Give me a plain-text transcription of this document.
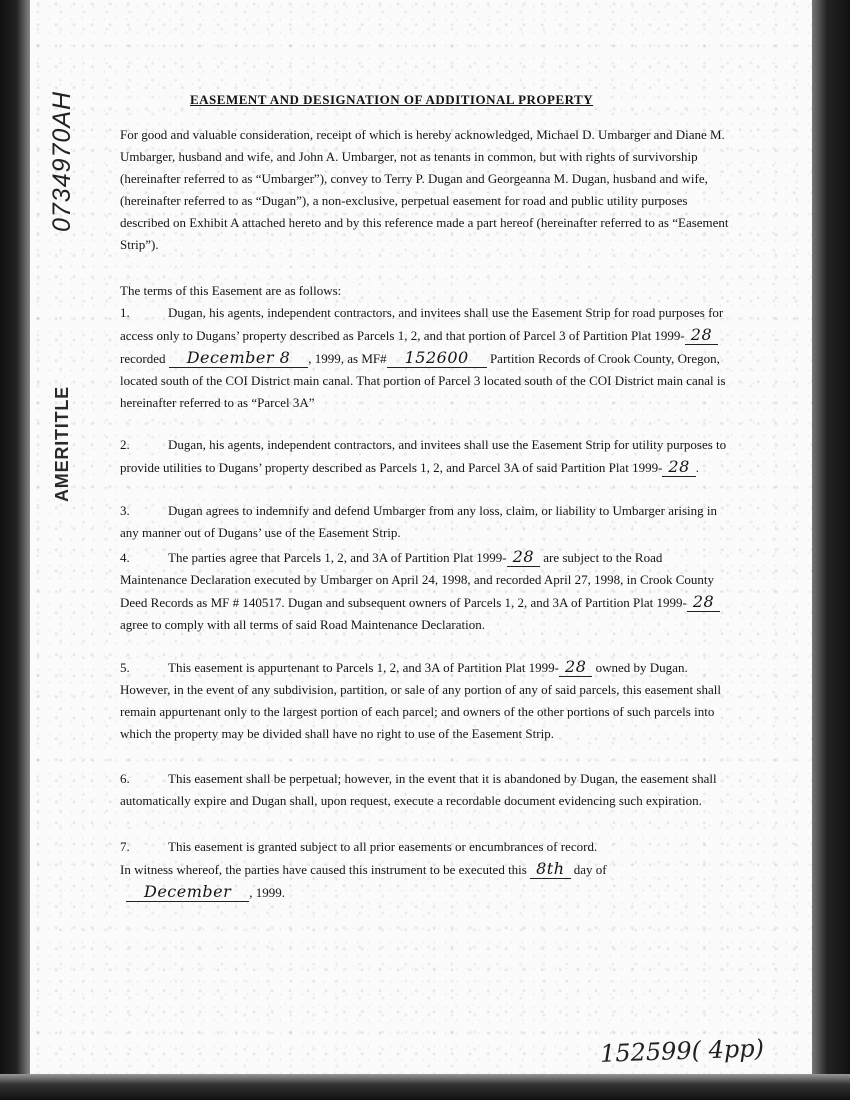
0734970AH
AMERITITLE
EASEMENT AND DESIGNATION OF ADDITIONAL PROPERTY
For good and valuable consideration, receipt of which is hereby acknowledged, Michael D. Umbarger and Diane M. Umbarger, husband and wife, and John A. Umbarger, not as tenants in common, but with rights of survivorship (hereinafter referred to as “Umbarger”), convey to Terry P. Dugan and Georgeanna M. Dugan, husband and wife, (hereinafter referred to as “Dugan”), a non-exclusive, perpetual easement for road and public utility purposes described on Exhibit A attached hereto and by this reference made a part hereof (hereinafter referred to as “Easement Strip”).
The terms of this Easement are as follows:
1.	Dugan, his agents, independent contractors, and invitees shall use the Easement Strip for road purposes for access only to Dugans’ property described as Parcels 1, 2, and that portion of Parcel 3 of Partition Plat 1999- 28 recorded December 8 , 1999, as MF# 152600 Partition Records of Crook County, Oregon, located south of the COI District main canal. That portion of Parcel 3 located south of the COI District main canal is hereinafter referred to as “Parcel 3A”
2.	Dugan, his agents, independent contractors, and invitees shall use the Easement Strip for utility purposes to provide utilities to Dugans’ property described as Parcels 1, 2, and Parcel 3A of said Partition Plat 1999- 28 .
3.	Dugan agrees to indemnify and defend Umbarger from any loss, claim, or liability to Umbarger arising in any manner out of Dugans’ use of the Easement Strip.
4.	The parties agree that Parcels 1, 2, and 3A of Partition Plat 1999- 28 are subject to the Road Maintenance Declaration executed by Umbarger on April 24, 1998, and recorded April 27, 1998, in Crook County Deed Records as MF # 140517. Dugan and subsequent owners of Parcels 1, 2, and 3A of Partition Plat 1999- 28 agree to comply with all terms of said Road Maintenance Declaration.
5.	This easement is appurtenant to Parcels 1, 2, and 3A of Partition Plat 1999- 28 owned by Dugan. However, in the event of any subdivision, partition, or sale of any portion of any of said parcels, this easement shall remain appurtenant only to the largest portion of each parcel; and owners of the other portions of such parcels into which the property may be divided shall have no right to use of the Easement Strip.
6.	This easement shall be perpetual; however, in the event that it is abandoned by Dugan, the easement shall automatically expire and Dugan shall, upon request, execute a recordable document evidencing such expiration.
7.	This easement is granted subject to all prior easements or encumbrances of record.
In witness whereof, the parties have caused this instrument to be executed this 8th day of
December , 1999.
152599( 4pp)
